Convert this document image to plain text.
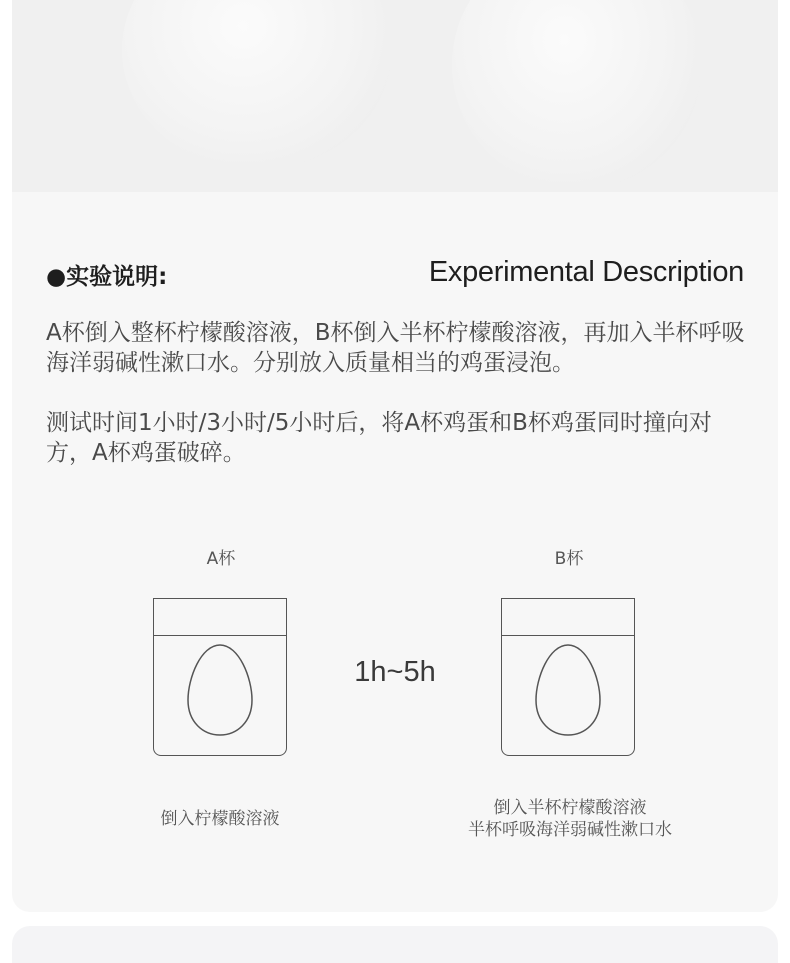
●实验说明:	Experimental Description

A杯倒入整杯柠檬酸溶液，B杯倒入半杯柠檬酸溶液，再加入半杯呼吸海洋弱碱性漱口水。分别放入质量相当的鸡蛋浸泡。

测试时间1小时/3小时/5小时后，将A杯鸡蛋和B杯鸡蛋同时撞向对方，A杯鸡蛋破碎。

A杯	B杯
1h~5h
倒入柠檬酸溶液
倒入半杯柠檬酸溶液
半杯呼吸海洋弱碱性漱口水
